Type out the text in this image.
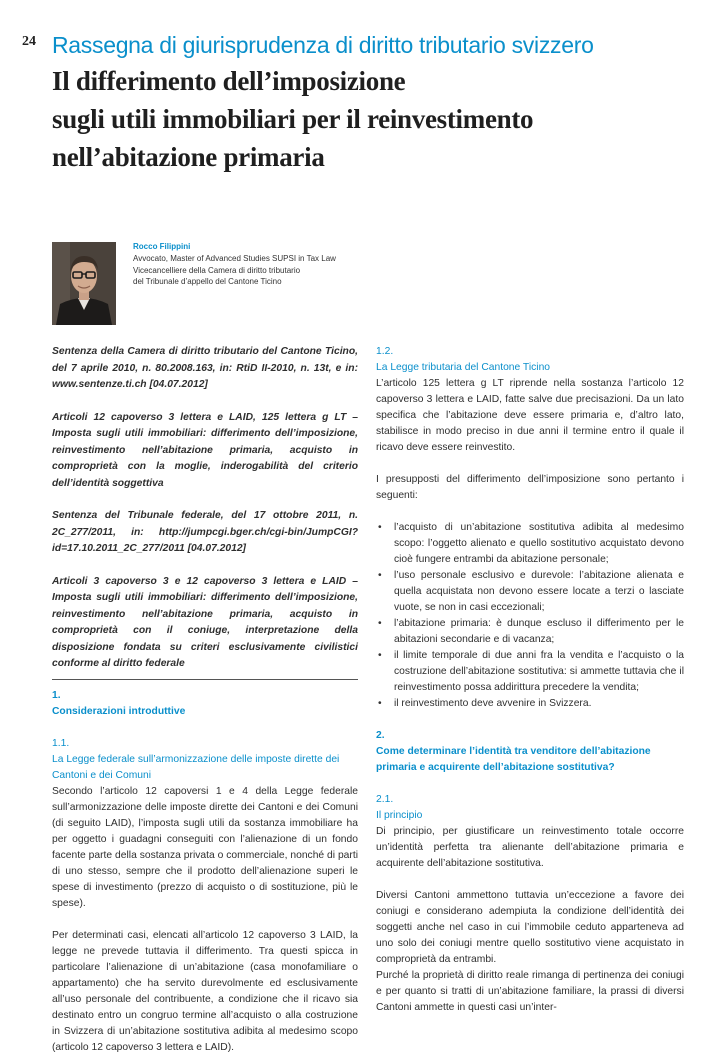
24 Rassegna di giurisprudenza di diritto tributario svizzero
Il differimento dell’imposizione
sugli utili immobiliari per il reinvestimento
nell’abitazione primaria
Rocco Filippini
Avvocato, Master of Advanced Studies SUPSI in Tax Law
Vicecancelliere della Camera di diritto tributario
del Tribunale d’appello del Cantone Ticino

Sentenza della Camera di diritto tributario del Cantone Ticino, del 7 aprile 2010, n. 80.2008.163, in: RtiD II-2010, n. 13t, e in: www.sentenze.ti.ch [04.07.2012]

Articoli 12 capoverso 3 lettera e LAID, 125 lettera g LT – Imposta sugli utili immobiliari: differimento dell’imposizione, reinvestimento nell’abitazione primaria, acquisto in comproprietà con la moglie, inderogabilità del criterio dell’identità soggettiva

Sentenza del Tribunale federale, del 17 ottobre 2011, n. 2C_277/2011, in: http://jumpcgi.bger.ch/cgi-bin/JumpCGI?id=17.10.2011_2C_277/2011 [04.07.2012]

Articoli 3 capoverso 3 e 12 capoverso 3 lettera e LAID – Imposta sugli utili immobiliari: differimento dell’imposizione, reinvestimento nell’abitazione primaria, acquisto in comproprietà con il coniuge, interpretazione della disposizione fondata su criteri esclusivamente civilistici conforme al diritto federale

1.
Considerazioni introduttive
1.1.
La Legge federale sull’armonizzazione delle imposte dirette dei Cantoni e dei Comuni

Secondo l’articolo 12 capoversi 1 e 4 della Legge federale sull’armonizzazione delle imposte dirette dei Cantoni e dei Comuni (di seguito LAID), l’imposta sugli utili da sostanza immobiliare ha per oggetto i guadagni conseguiti con l’alienazione di un fondo facente parte della sostanza privata o commerciale, nonché di parti di uno stesso, sempre che il prodotto dell’alienazione superi le spese di investimento (prezzo di acquisto o di sostituzione, più le spese).

Per determinati casi, elencati all’articolo 12 capoverso 3 LAID, la legge ne prevede tuttavia il differimento. Tra questi spicca in particolare l’alienazione di un’abitazione (casa monofamiliare o appartamento) che ha servito durevolmente ed esclusivamente all’uso personale del contribuente, a condizione che il ricavo sia destinato entro un congruo termine all’acquisto o alla costruzione in Svizzera di un’abitazione sostitutiva adibita al medesimo scopo (articolo 12 capoverso 3 lettera e LAID).

1.2.
La Legge tributaria del Cantone Ticino

L’articolo 125 lettera g LT riprende nella sostanza l’articolo 12 capoverso 3 lettera e LAID, fatte salve due precisazioni. Da un lato specifica che l’abitazione deve essere primaria e, d’altro lato, stabilisce in modo preciso in due anni il termine entro il quale il ricavo deve essere reinvestito.

I presupposti del differimento dell’imposizione sono pertanto i seguenti:

• l’acquisto di un’abitazione sostitutiva adibita al medesimo scopo: l’oggetto alienato e quello sostitutivo acquistato devono cioè fungere entrambi da abitazione personale;
• l’uso personale esclusivo e durevole: l’abitazione alienata e quella acquistata non devono essere locate a terzi o lasciate vuote, se non in casi eccezionali;
• l’abitazione primaria: è dunque escluso il differimento per le abitazioni secondarie e di vacanza;
• il limite temporale di due anni fra la vendita e l’acquisto o la costruzione dell’abitazione sostitutiva: si ammette tuttavia che il reinvestimento possa addirittura precedere la vendita;
• il reinvestimento deve avvenire in Svizzera.
2.
Come determinare l’identità tra venditore dell’abitazione primaria e acquirente dell’abitazione sostitutiva?
2.1.
Il principio

Di principio, per giustificare un reinvestimento totale occorre un’identità perfetta tra alienante dell’abitazione primaria e acquirente dell’abitazione sostitutiva.

Diversi Cantoni ammettono tuttavia un’eccezione a favore dei coniugi e considerano adempiuta la condizione dell’identità dei soggetti anche nel caso in cui l’immobile ceduto apparteneva ad uno solo dei coniugi mentre quello sostitutivo viene acquistato in comproprietà da entrambi.

Purché la proprietà di diritto reale rimanga di pertinenza dei coniugi e per quanto si tratti di un’abitazione familiare, la prassi di diversi Cantoni ammette in questi casi un’inter-
